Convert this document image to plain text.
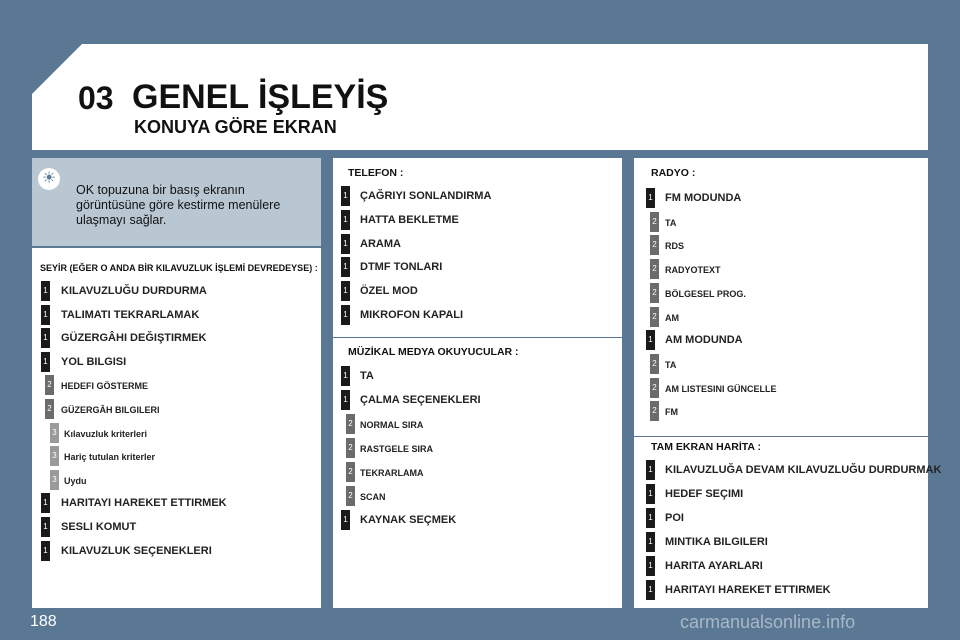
03 GENEL İŞLEYİŞ
KONUYA GÖRE EKRAN
☀
OK topuzuna bir basış ekranın görüntüsüne göre kestirme menülere ulaşmayı sağlar.
SEYİR (EĞER O ANDA BİR KILAVUZLUK İŞLEMİ DEVREDEYSE) :
1 KILAVUZLUĞU DURDURMA
1 TALIMATI TEKRARLAMAK
1 GÜZERGÂHI DEĞIŞTIRMEK
1 YOL BILGISI
2 HEDEFI GÖSTERME
2 GÜZERGÂH BILGILERI
3 Kılavuzluk kriterleri
3 Hariç tutulan kriterler
3 Uydu
1 HARITAYI HAREKET ETTIRMEK
1 SESLI KOMUT
1 KILAVUZLUK SEÇENEKLERI
TELEFON :
1 ÇAĞRIYI SONLANDIRMA
1 HATTA BEKLETME
1 ARAMA
1 DTMF TONLARI
1 ÖZEL MOD
1 MIKROFON KAPALI
MÜZİKAL MEDYA OKUYUCULAR :
1 TA
1 ÇALMA SEÇENEKLERI
2 NORMAL SIRA
2 RASTGELE SIRA
2 TEKRARLAMA
2 SCAN
1 KAYNAK SEÇMEK
RADYO :
1 FM MODUNDA
2 TA
2 RDS
2 RADYOTEXT
2 BÖLGESEL PROG.
2 AM
1 AM MODUNDA
2 TA
2 AM LISTESINI GÜNCELLE
2 FM
TAM EKRAN HARİTA :
1 KILAVUZLUĞA DEVAM KILAVUZLUĞU DURDURMAK
1 HEDEF SEÇIMI
1 POI
1 MINTIKA BILGILERI
1 HARITA AYARLARI
1 HARITAYI HAREKET ETTIRMEK
188	carmanualsonline.info
